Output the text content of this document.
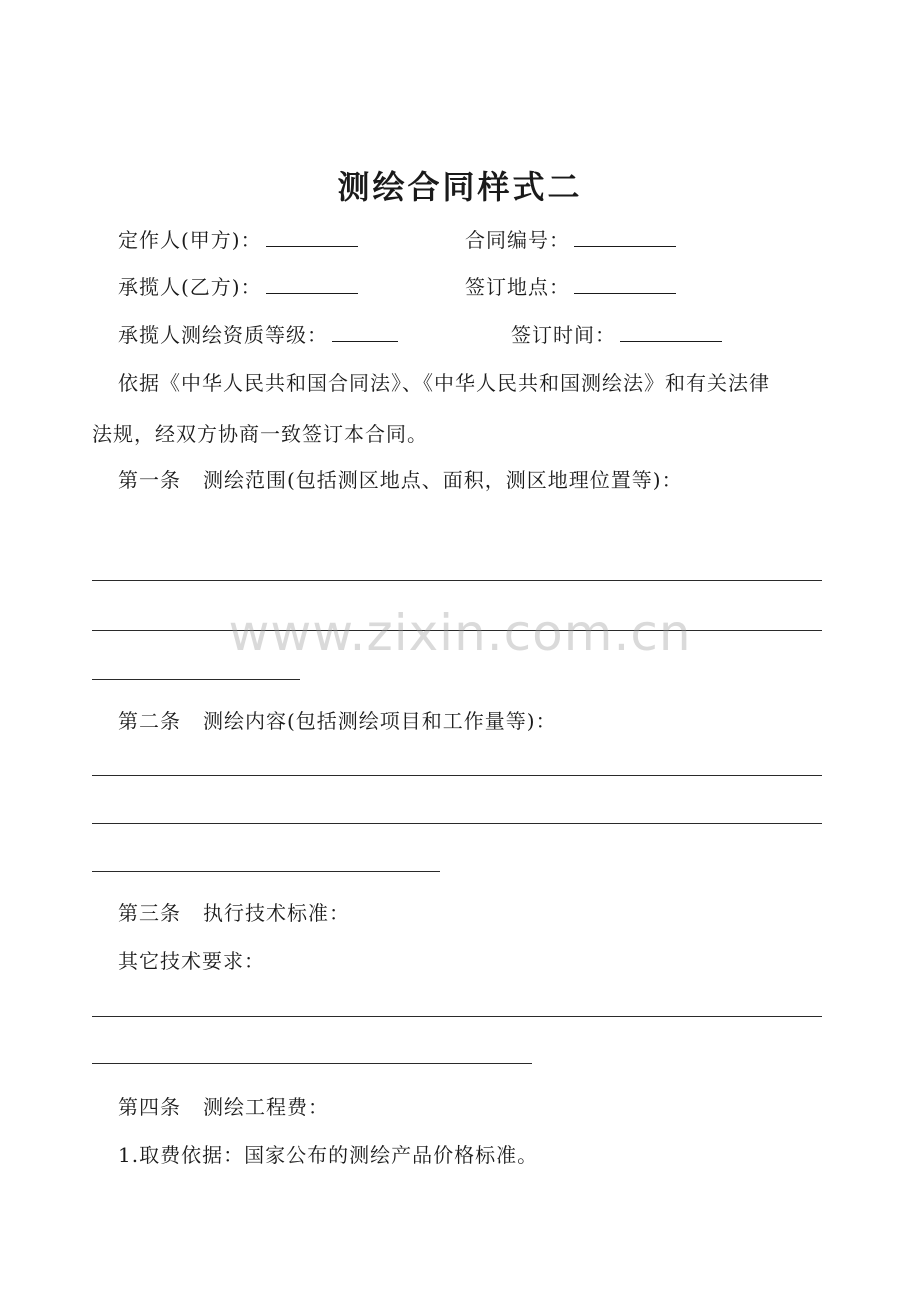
测绘合同样式二
定作人(甲方)：	合同编号：
承揽人(乙方)：	签订地点：
承揽人测绘资质等级：	签订时间：
依据《中华人民共和国合同法》、《中华人民共和国测绘法》和有关法律
法规，经双方协商一致签订本合同。
第一条 测绘范围(包括测区地点、面积，测区地理位置等)：
第二条 测绘内容(包括测绘项目和工作量等)：
第三条 执行技术标准：
其它技术要求：
第四条 测绘工程费：
1.取费依据：国家公布的测绘产品价格标准。
www.zixin.com.cn
